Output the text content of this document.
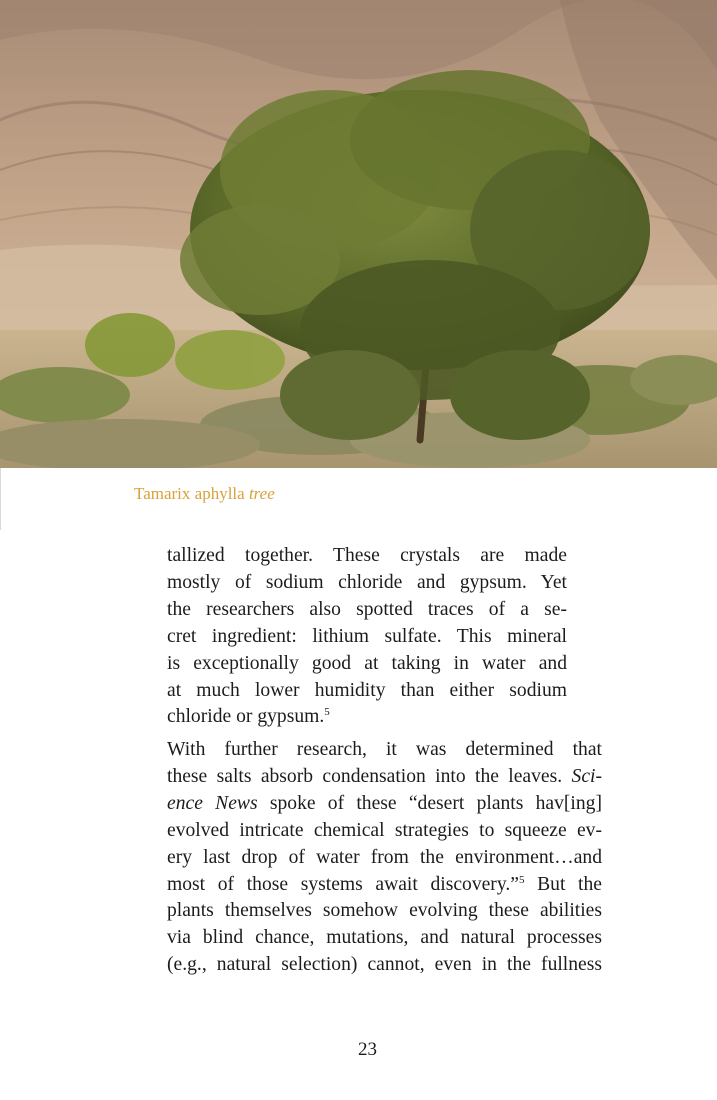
Tamarix aphylla tree
tallized together. These crystals are made
mostly of sodium chloride and gypsum. Yet
the researchers also spotted traces of a se-
cret ingredient: lithium sulfate. This mineral
is exceptionally good at taking in water and
at much lower humidity than either sodium
chloride or gypsum.$^5$
With further research, it was determined that
these salts absorb condensation into the leaves. Sci-
ence News spoke of these “desert plants hav[ing]
evolved intricate chemical strategies to squeeze ev-
ery last drop of water from the environment…and
most of those systems await discovery.”$^5$ But the
plants themselves somehow evolving these abilities
via blind chance, mutations, and natural processes
(e.g., natural selection) cannot, even in the fullness
23
